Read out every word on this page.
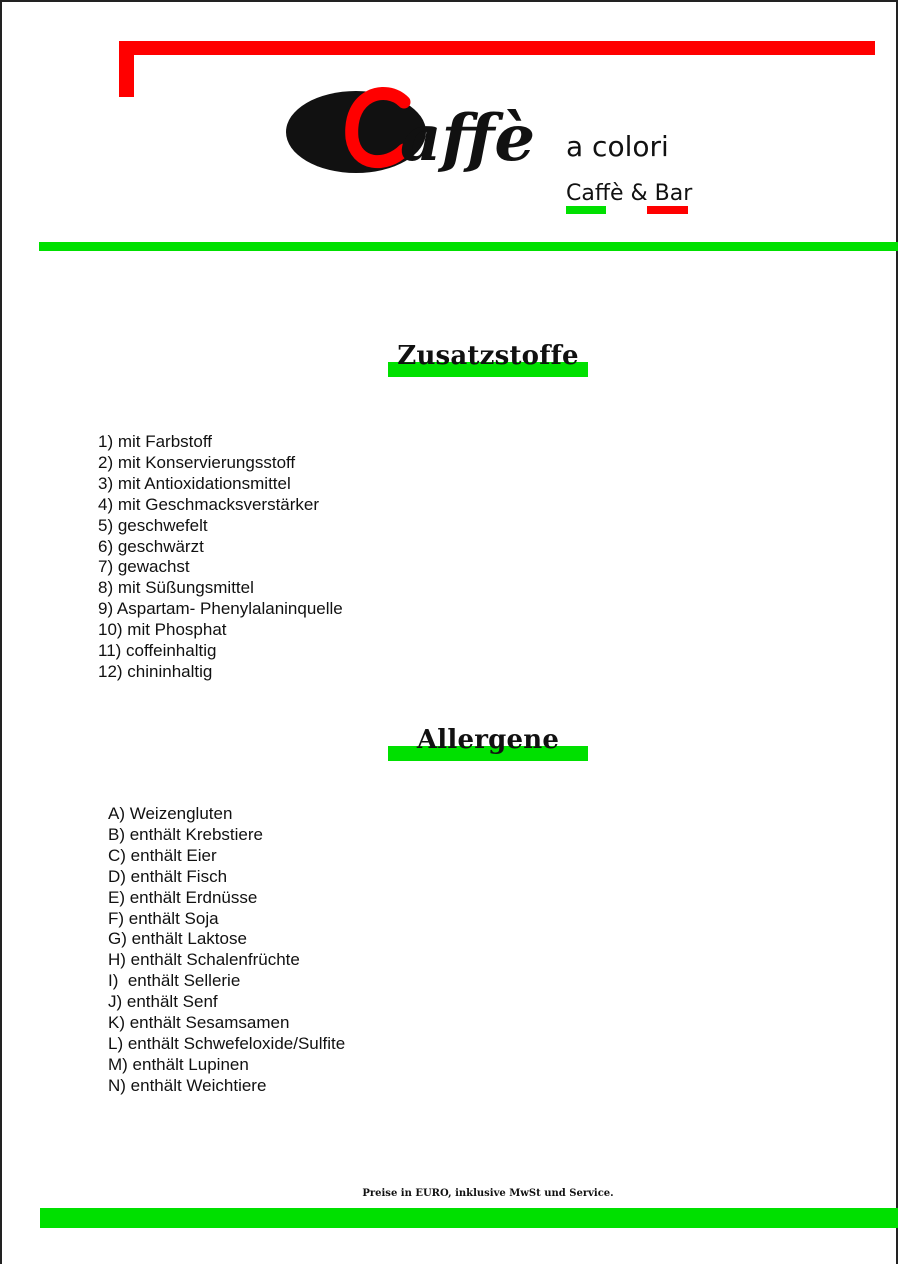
affè a colori
Caffè & Bar
Zusatzstoffe
1) mit Farbstoff
2) mit Konservierungsstoff
3) mit Antioxidationsmittel
4) mit Geschmacksverstärker
5) geschwefelt
6) geschwärzt
7) gewachst
8) mit Süßungsmittel
9) Aspartam- Phenylalaninquelle
10) mit Phosphat
11) coffeinhaltig
12) chininhaltig
Allergene
A) Weizengluten
B) enthält Krebstiere
C) enthält Eier
D) enthält Fisch
E) enthält Erdnüsse
F) enthält Soja
G) enthält Laktose
H) enthält Schalenfrüchte
I)  enthält Sellerie
J) enthält Senf
K) enthält Sesamsamen
L) enthält Schwefeloxide/Sulfite
M) enthält Lupinen
N) enthält Weichtiere
Preise in EURO, inklusive MwSt und Service.
